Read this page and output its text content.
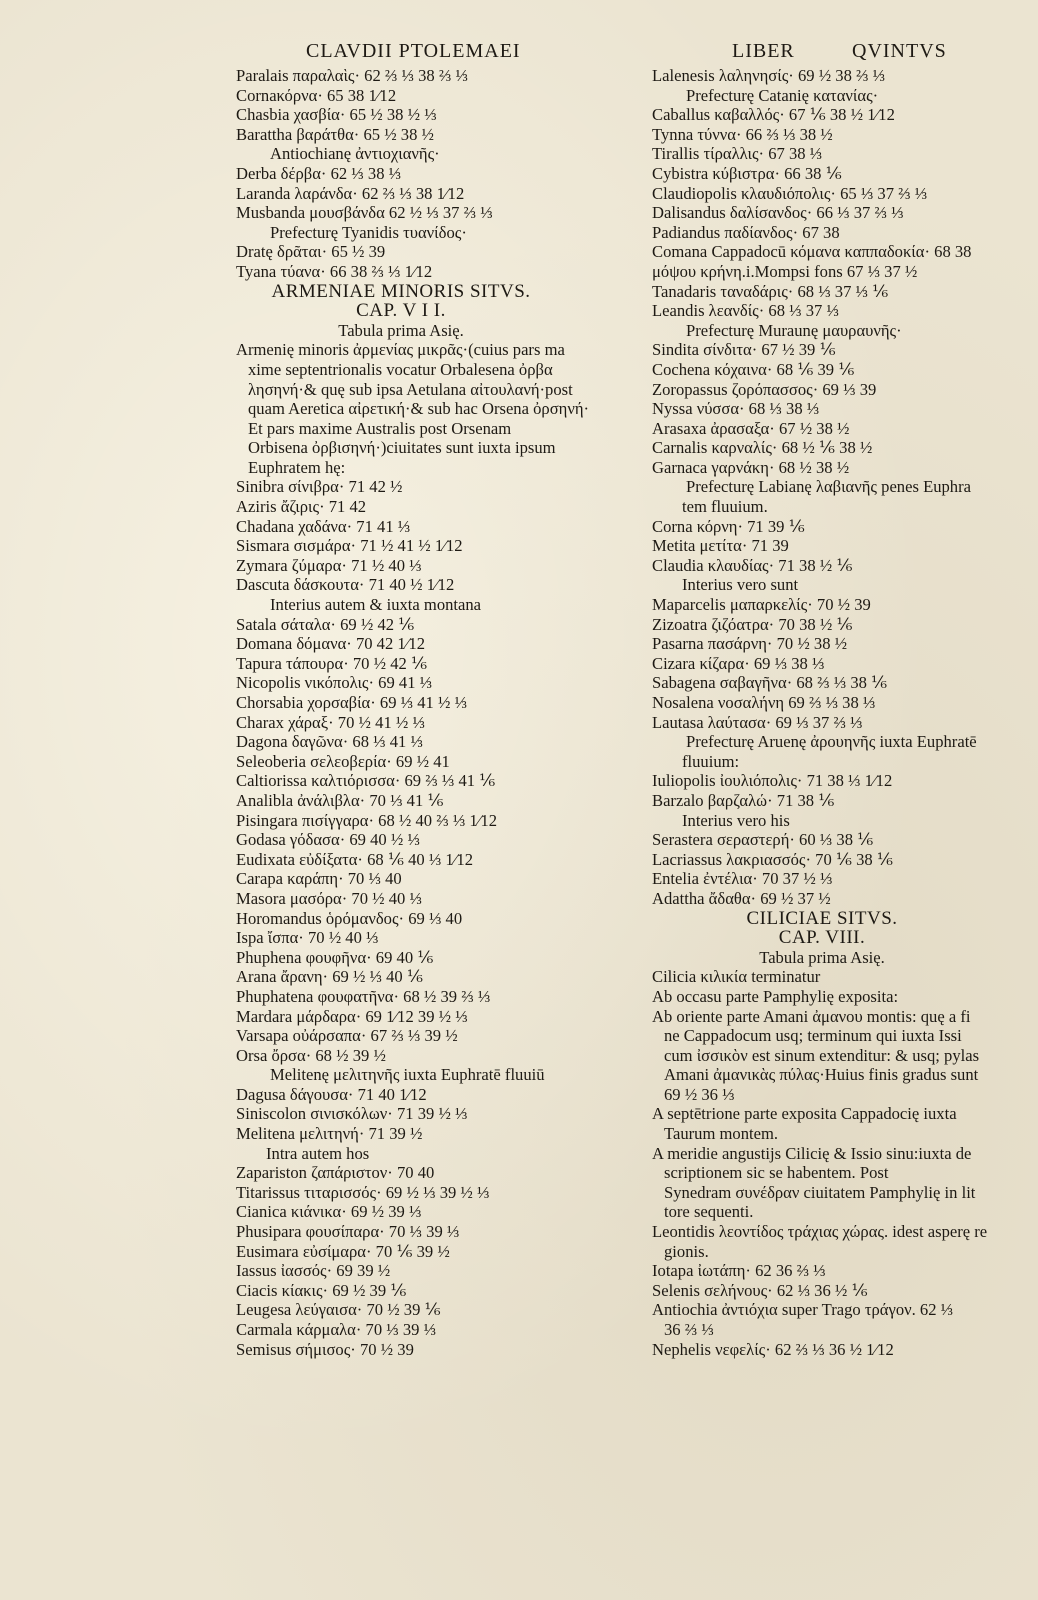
CLAVDII PTOLEMAEI	LIBER	QVINTVS
Paralais παραλαὶς· 62 ⅔ ⅓ 38 ⅔ ⅓
Cornaκόρνα· 65 38 1⁄12
Chasbia χασβία· 65 ½ 38 ½ ⅓
Barattha βαράτθα· 65 ½ 38 ½
Antiochianę ἀντιοχιανῆς·
Derba δέρβα· 62 ⅓ 38 ⅓
Laranda λαράνδα· 62 ⅔ ⅓ 38 1⁄12
Musbanda μουσβάνδα 62 ½ ⅓ 37 ⅔ ⅓
Prefecturę Tyanidis τυανίδος·
Dratę δρᾶται· 65 ½ 39
Tyana τύανα· 66 38 ⅔ ⅓ 1⁄12
ARMENIAE MINORIS SITVS.
CAP. V I I.
Tabula prima Asię.
Armenię minoris ἀρμενίας μικρᾶς·(cuius pars ma
xime septentrionalis vocatur Orbalesena ὀρβα
λησηνή·& quę sub ipsa Aetulana αἰτουλανή·post
quam Aeretica αἰρετική·& sub hac Orsena ὀρσηνή·
Et pars maxime Australis post Orsenam
Orbisena ὀρβισηνή·)ciuitates sunt iuxta ipsum
Euphratem hę:
Sinibra σίνιβρα· 71 42 ½
Aziris ἄζιρις· 71 42
Chadana χαδάνα· 71 41 ⅓
Sismara σισμάρα· 71 ½ 41 ½ 1⁄12
Zymara ζύμαρα· 71 ½ 40 ⅓
Dascuta δάσκουτα· 71 40 ½ 1⁄12
Interius autem & iuxta montana
Satala σάταλα· 69 ½ 42 ⅙
Domana δόμανα· 70 42 1⁄12
Tapura τάπουρα· 70 ½ 42 ⅙
Nicopolis νικόπολις· 69 41 ⅓
Chorsabia χορσαβία· 69 ⅓ 41 ½ ⅓
Charax χάραξ· 70 ½ 41 ½ ⅓
Dagona δαγῶνα· 68 ⅓ 41 ⅓
Seleoberia σελεοβερία· 69 ½ 41
Caltiorissa καλτιόρισσα· 69 ⅔ ⅓ 41 ⅙
Analibla ἀνάλιβλα· 70 ⅓ 41 ⅙
Pisingara πισίγγαρα· 68 ½ 40 ⅔ ⅓ 1⁄12
Godasa γόδασα· 69 40 ½ ⅓
Eudixata εὐδίξατα· 68 ⅙ 40 ⅓ 1⁄12
Carapa καράπη· 70 ⅓ 40
Masora μασόρα· 70 ½ 40 ⅓
Horomandus ὁρόμανδος· 69 ⅓ 40
Ispa ἴσπα· 70 ½ 40 ⅓
Phuphena φουφῆνα· 69 40 ⅙
Arana ἄρανη· 69 ½ ⅓ 40 ⅙
Phuphatena φουφατῆνα· 68 ½ 39 ⅔ ⅓
Mardara μάρδαρα· 69 1⁄12 39 ½ ⅓
Varsapa οὐάρσαπα· 67 ⅔ ⅓ 39 ½
Orsa ὄρσα· 68 ½ 39 ½
Melitenę μελιτηνῆς iuxta Euphratē fluuiū
Dagusa δάγουσα· 71 40 1⁄12
Siniscolon σινισκόλων· 71 39 ½ ⅓
Melitena μελιτηνή· 71 39 ½
Intra autem hos
Zapariston ζαπάριστον· 70 40
Titarissus τιταρισσός· 69 ½ ⅓ 39 ½ ⅓
Cianica κιάνικα· 69 ½ 39 ⅓
Phusipara φουσίπαρα· 70 ⅓ 39 ⅓
Eusimara εὐσίμαρα· 70 ⅙ 39 ½
Iassus ἰασσός· 69 39 ½
Ciacis κίακις· 69 ½ 39 ⅙
Leugesa λεύγαισα· 70 ½ 39 ⅙
Carmala κάρμαλα· 70 ⅓ 39 ⅓
Semisus σήμισος· 70 ½ 39
Lalenesis λαληνησίς· 69 ½ 38 ⅔ ⅓
Prefecturę Catanię κατανίας·
Caballus καβαλλός· 67 ⅙ 38 ½ 1⁄12
Tynna τύννα· 66 ⅔ ⅓ 38 ½
Tirallis τίραλλις· 67 38 ⅓
Cybistra κύβιστρα· 66 38 ⅙
Claudiopolis κλαυδιόπολις· 65 ⅓ 37 ⅔ ⅓
Dalisandus δαλίσανδος· 66 ⅓ 37 ⅔ ⅓
Padiandus παδίανδος· 67 38
Comana Cappadocū κόμανα καππαδοκία· 68 38
μόψου κρήνη.i.Mompsi fons 67 ⅓ 37 ½
Tanadaris ταναδάρις· 68 ⅓ 37 ⅓ ⅙
Leandis λεανδίς· 68 ⅓ 37 ⅓
Prefecturę Muraunę μαυραυνῆς·
Sindita σίνδιτα· 67 ½ 39 ⅙
Cochena κόχαινα· 68 ⅙ 39 ⅙
Zoropassus ζορόπασσος· 69 ⅓ 39
Nyssa νύσσα· 68 ⅓ 38 ⅓
Arasaxa ἀρασαξα· 67 ½ 38 ½
Carnalis καρναλίς· 68 ½ ⅙ 38 ½
Garnaca γαρνάκη· 68 ½ 38 ½
Prefecturę Labianę λαβιανῆς penes Euphra
tem fluuium.
Corna κόρνη· 71 39 ⅙
Metita μετίτα· 71 39
Claudia κλαυδίας· 71 38 ½ ⅙
Interius vero sunt
Maparcelis μαπαρκελίς· 70 ½ 39
Zizoatra ζιζόατρα· 70 38 ½ ⅙
Pasarna πασάρνη· 70 ½ 38 ½
Cizara κίζαρα· 69 ⅓ 38 ⅓
Sabagena σαβαγῆνα· 68 ⅔ ⅓ 38 ⅙
Nosalena νοσαλήνη 69 ⅔ ⅓ 38 ⅓
Lautasa λαύτασα· 69 ⅓ 37 ⅔ ⅓
Prefecturę Aruenę ἀρουηνῆς iuxta Euphratē
fluuium:
Iuliopolis ἰουλιόπολις· 71 38 ⅓ 1⁄12
Barzalo βαρζαλώ· 71 38 ⅙
Interius vero his
Serastera σεραστερή· 60 ⅓ 38 ⅙
Lacriassus λακριασσός· 70 ⅙ 38 ⅙
Entelia ἐντέλια· 70 37 ½ ⅓
Adattha ἄδαθα· 69 ½ 37 ½
CILICIAE SITVS.
CAP. VIII.
Tabula prima Asię.
Cilicia κιλικία terminatur
Ab occasu parte Pamphylię exposita:
Ab oriente parte Amani ἀμανου montis: quę a fi
ne Cappadocum usq; terminum qui iuxta Issi
cum ἰσσικὸν est sinum extenditur: & usq; pylas
Amani ἀμανικὰς πύλας·Huius finis gradus sunt
69 ½ 36 ⅓
A septētrione parte exposita Cappadocię iuxta
Taurum montem.
A meridie angustijs Cilicię & Issio sinu:iuxta de
scriptionem sic se habentem. Post
Synedram συνέδραν ciuitatem Pamphylię in lit
tore sequenti.
Leontidis λεοντίδος τράχιας χώρας. idest asperę re
gionis.
Iotapa ἰωτάπη· 62 36 ⅔ ⅓
Selenis σελήνους· 62 ⅓ 36 ½ ⅙
Antiochia ἀντιόχια super Trago τράγον. 62 ⅓
36 ⅔ ⅓
Nephelis νεφελίς· 62 ⅔ ⅓ 36 ½ 1⁄12
